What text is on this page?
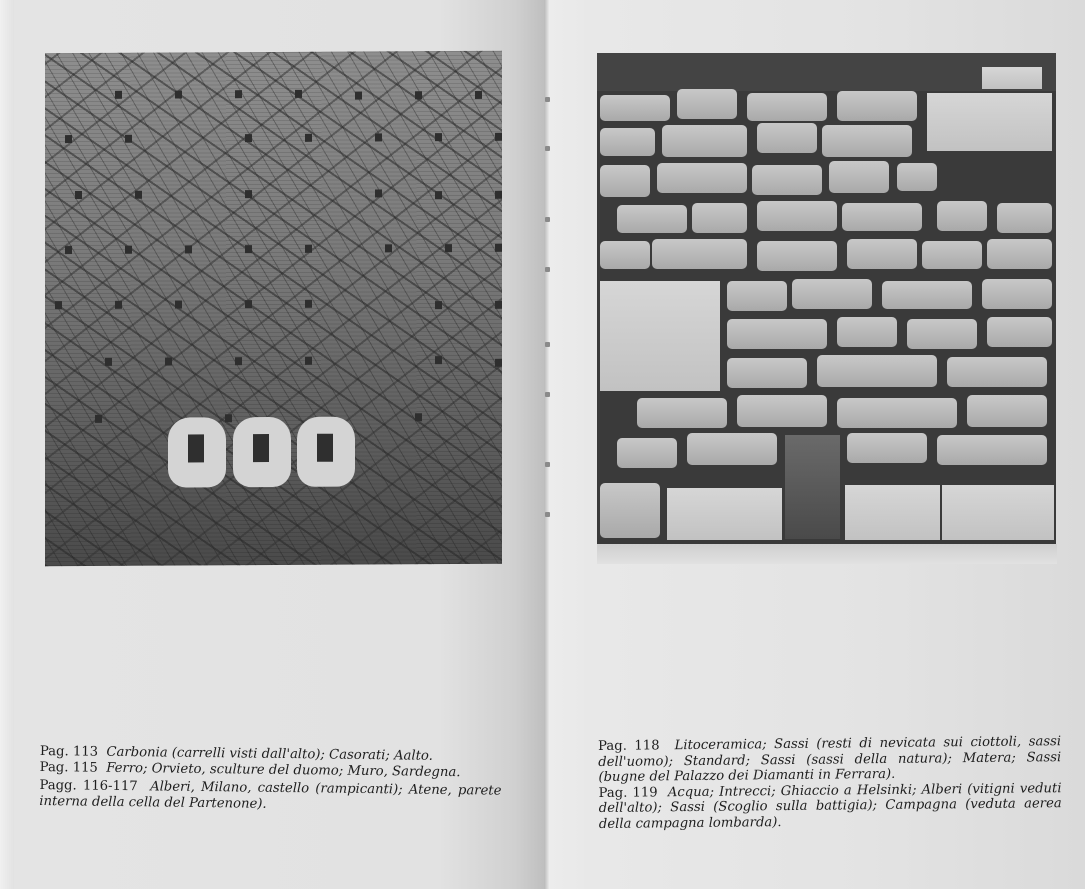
Pag. 113 Carbonia (carrelli visti dall'alto); Casorati; Aalto.

Pag. 115 Ferro; Orvieto, sculture del duomo; Muro, Sardegna.

Pagg. 116-117 Alberi, Milano, castello (rampicanti); Atene, parete interna della cella del Partenone).

Pag. 118 Litoceramica; Sassi (resti di nevicata sui ciottoli, sassi dell'uomo); Standard; Sassi (sassi della natura); Matera; Sassi (bugne del Palazzo dei Diamanti in Ferrara).

Pag. 119 Acqua; Intrecci; Ghiaccio a Helsinki; Alberi (vitigni veduti dell'alto); Sassi (Scoglio sulla battigia); Campagna (veduta aerea della campagna lombarda).
